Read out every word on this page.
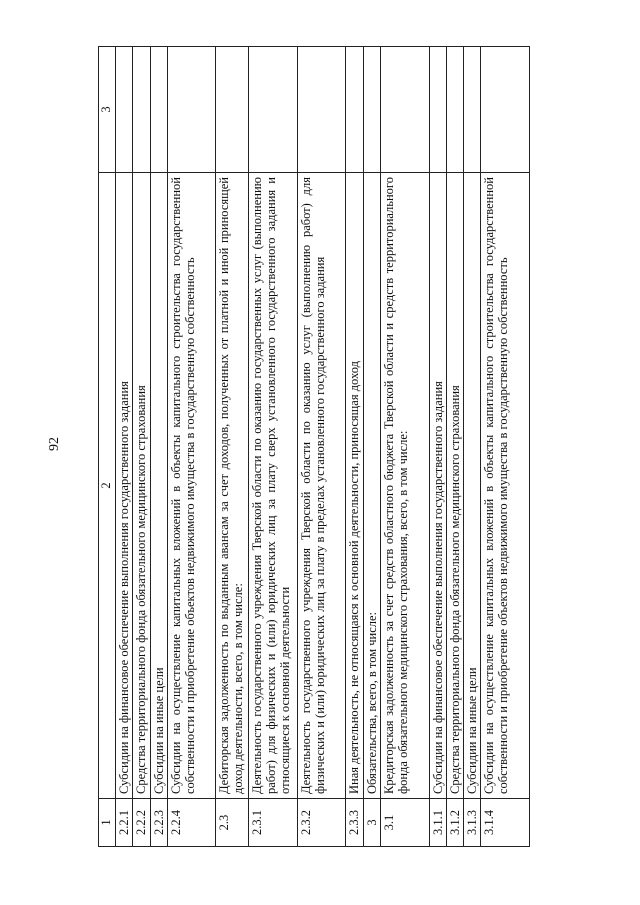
92
1	2	3
2.2.1	Субсидии на финансовое обеспечение выполнения государственного задания	
2.2.2	Средства территориального фонда обязательного медицинского страхования	
2.2.3	Субсидии на иные цели	
2.2.4	Субсидии на осуществление капитальных вложений в объекты капитального строительства государственной собственности и приобретение объектов недвижимого имущества в государственную собственность	
2.3	Дебиторская задолженность по выданным авансам за счет доходов, полученных от платной и иной приносящей доход деятельности, всего, в том числе:	
2.3.1	Деятельность государственного учреждения Тверской области по оказанию государственных услуг (выполнению работ) для физических и (или) юридических лиц за плату сверх установленного государственного задания и относящиеся к основной деятельности	
2.3.2	Деятельность государственного учреждения Тверской области по оказанию услуг (выполнению работ) для физических и (или) юридических лиц за плату в пределах установленного государственного задания	
2.3.3	Иная деятельность, не относящаяся к основной деятельности, приносящая доход	
3	Обязательства, всего, в том числе:	
3.1	Кредиторская задолженность за счет средств областного бюджета Тверской области и средств территориального фонда обязательного медицинского страхования, всего, в том числе:	
3.1.1	Субсидии на финансовое обеспечение выполнения государственного задания	
3.1.2	Средства территориального фонда обязательного медицинского страхования	
3.1.3	Субсидии на иные цели	
3.1.4	Субсидии на осуществление капитальных вложений в объекты капитального строительства государственной собственности и приобретение объектов недвижимого имущества в государственную собственность	
